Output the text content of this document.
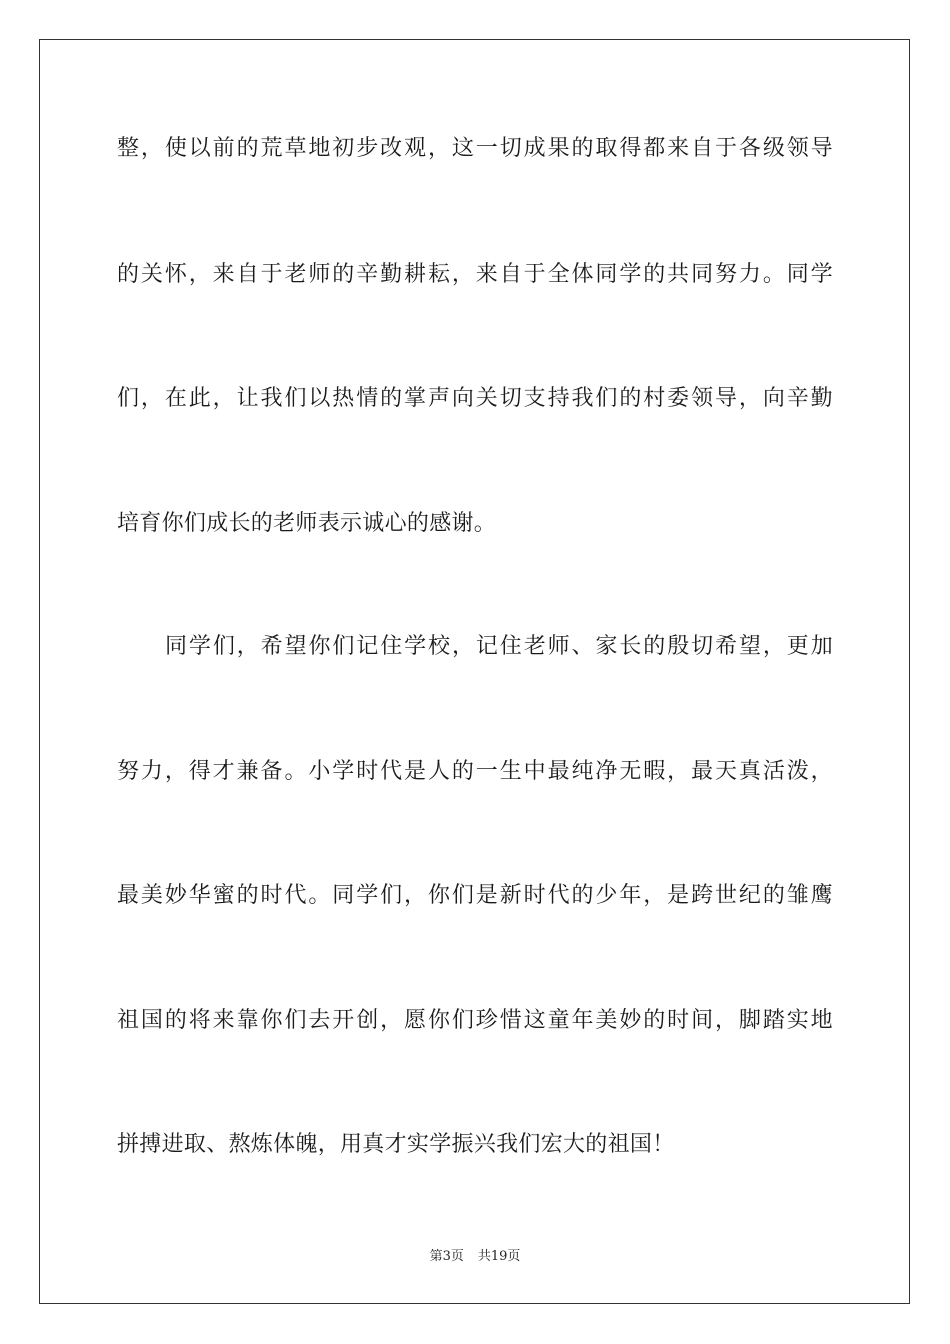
整，使以前的荒草地初步改观，这一切成果的取得都来自于各级领导
的关怀，来自于老师的辛勤耕耘，来自于全体同学的共同努力。同学
们，在此，让我们以热情的掌声向关切支持我们的村委领导，向辛勤
培育你们成长的老师表示诚心的感谢。
同学们，希望你们记住学校，记住老师、家长的殷切希望，更加
努力，得才兼备。小学时代是人的一生中最纯净无暇，最天真活泼，
最美妙华蜜的时代。同学们，你们是新时代的少年，是跨世纪的雏鹰
祖国的将来靠你们去开创，愿你们珍惜这童年美妙的时间，脚踏实地
拼搏进取、熬炼体魄，用真才实学振兴我们宏大的祖国！
第3页 共19页
